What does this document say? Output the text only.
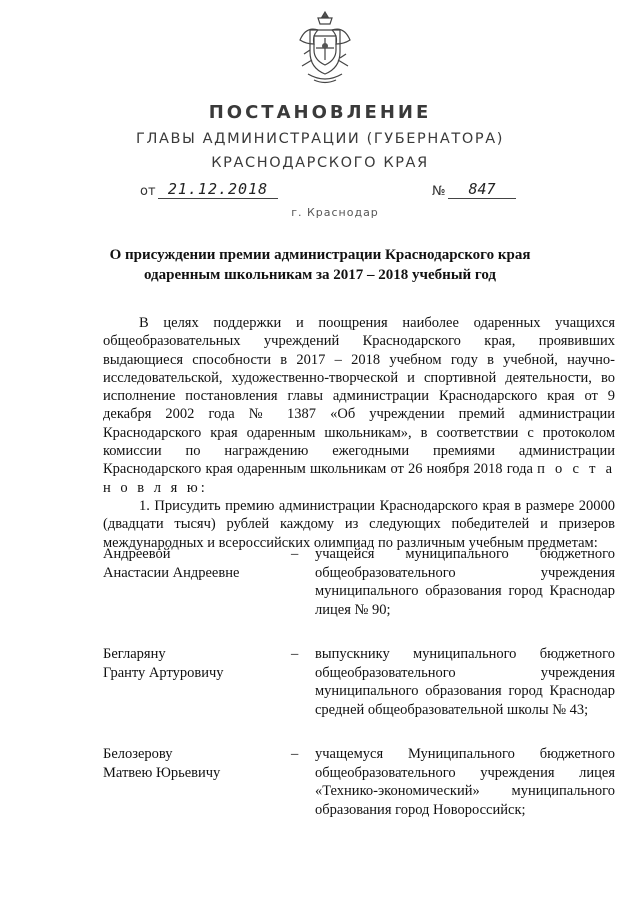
ПОСТАНОВЛЕНИЕ
ГЛАВЫ АДМИНИСТРАЦИИ (ГУБЕРНАТОРА)
КРАСНОДАРСКОГО КРАЯ
от 21.12.2018	№	847
г. Краснодар
О присуждении премии администрации Краснодарского края
одаренным школьникам за 2017 – 2018 учебный год

В целях поддержки и поощрения наиболее одаренных учащихся общеобразовательных учреждений Краснодарского края, проявивших выдающиеся способности в 2017 – 2018 учебном году в учебной, научно-исследовательской, художественно-творческой и спортивной деятельности, во исполнение постановления главы администрации Краснодарского края от 9 декабря 2002 года № 1387 «Об учреждении премий администрации Краснодарского края одаренным школьникам», в соответствии с протоколом комиссии по награждению ежегодными премиями администрации Краснодарского края одаренным школьникам от 26 ноября 2018 года п о с т а н о в л я ю:

1. Присудить премию администрации Краснодарского края в размере 20000 (двадцати тысяч) рублей каждому из следующих победителей и призеров международных и всероссийских олимпиад по различным учебным предметам:

Андреевой
Анастасии Андреевне
– учащейся муниципального бюджетного общеобразовательного учреждения муниципального образования город Краснодар лицея № 90;
Бегларяну
Гранту Артуровичу
– выпускнику муниципального бюджетного общеобразовательного учреждения муниципального образования город Краснодар средней общеобразовательной школы № 43;
Белозерову
Матвею Юрьевичу
– учащемуся Муниципального бюджетного общеобразовательного учреждения лицея «Технико-экономический» муниципального образования город Новороссийск;
